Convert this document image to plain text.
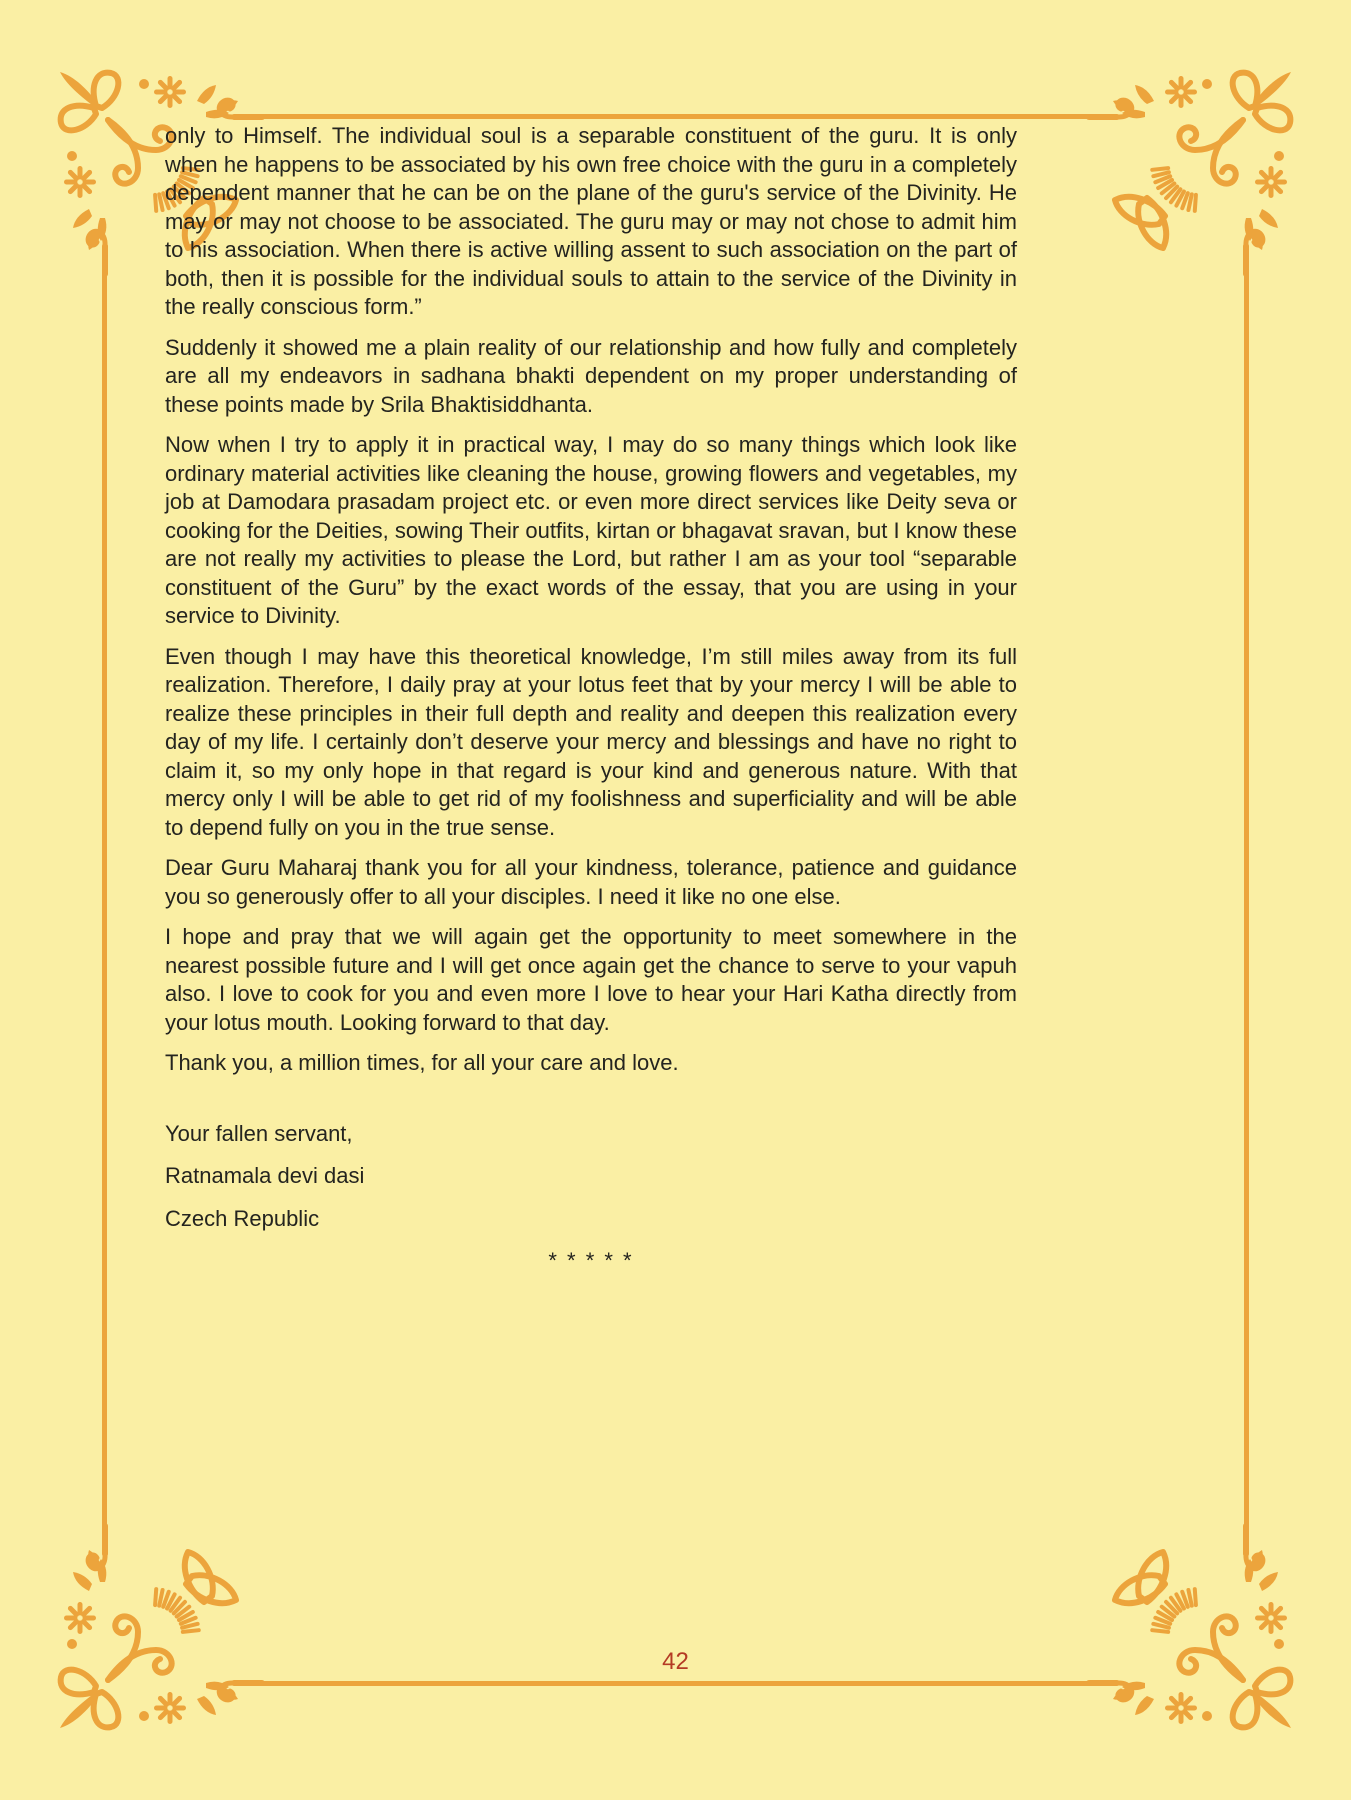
only to Himself. The individual soul is a separable constituent of the guru. It is only when he happens to be associated by his own free choice with the guru in a completely dependent manner that he can be on the plane of the guru's service of the Divinity. He may or may not choose to be associated. The guru may or may not chose to admit him to his association. When there is active willing assent to such association on the part of both, then it is possible for the individual souls to attain to the service of the Divinity in the really conscious form.”

Suddenly it showed me a plain reality of our relationship and how fully and completely are all my endeavors in sadhana bhakti dependent on my proper understanding of these points made by Srila Bhaktisiddhanta.

Now when I try to apply it in practical way, I may do so many things which look like ordinary material activities like cleaning the house, growing flowers and vegetables, my job at Damodara prasadam project etc. or even more direct services like Deity seva or cooking for the Deities, sowing Their outfits, kirtan or bhagavat sravan, but I know these are not really my activities to please the Lord, but rather I am as your tool “separable constituent of the Guru” by the exact words of the essay, that you are using in your service to Divinity.

Even though I may have this theoretical knowledge, I’m still miles away from its full realization. Therefore, I daily pray at your lotus feet that by your mercy I will be able to realize these principles in their full depth and reality and deepen this realization every day of my life. I certainly don’t deserve your mercy and blessings and have no right to claim it, so my only hope in that regard is your kind and generous nature. With that mercy only I will be able to get rid of my foolishness and superficiality and will be able to depend fully on you in the true sense.

Dear Guru Maharaj thank you for all your kindness, tolerance, patience and guidance you so generously offer to all your disciples. I need it like no one else.

I hope and pray that we will again get the opportunity to meet somewhere in the nearest possible future and I will get once again get the chance to serve to your vapuh also. I love to cook for you and even more I love to hear your Hari Katha directly from your lotus mouth. Looking forward to that day.

Thank you, a million times, for all your care and love.

Your fallen servant,

Ratnamala devi dasi

Czech Republic

* * * * *
42
